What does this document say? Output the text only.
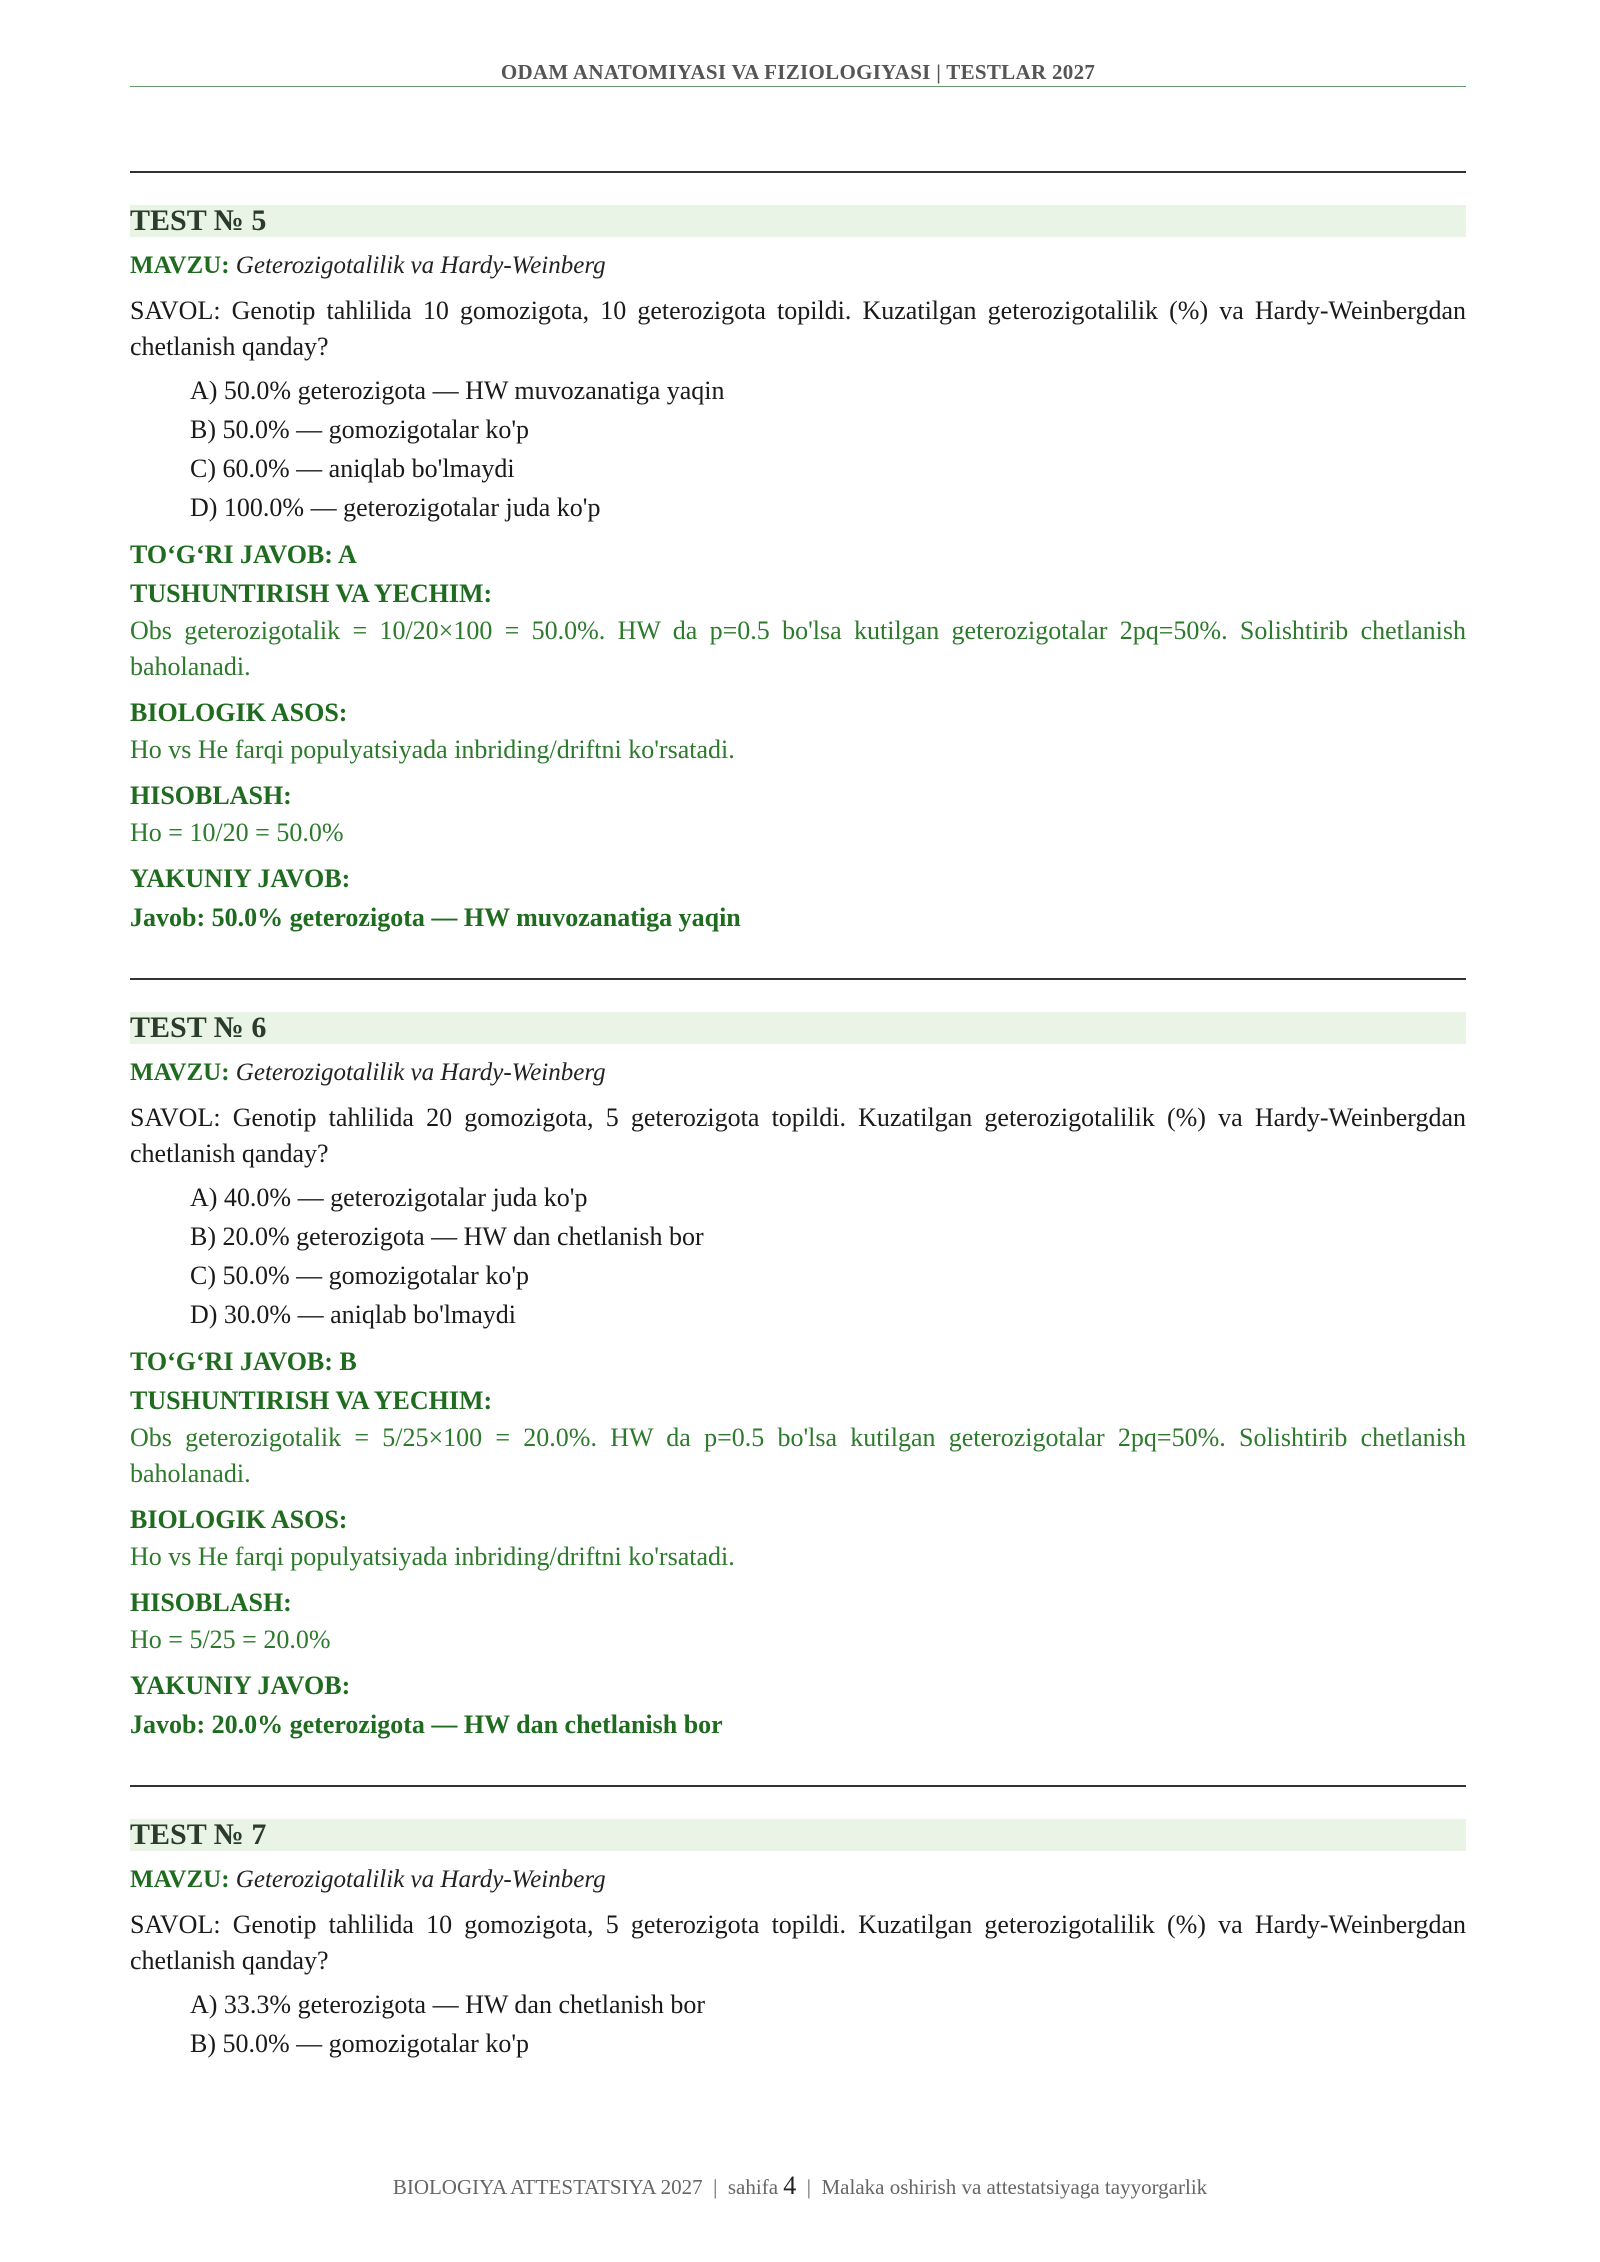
ODAM ANATOMIYASI VA FIZIOLOGIYASI | TESTLAR 2027
TEST № 5
MAVZU: Geterozigotalilik va Hardy-Weinberg
SAVOL: Genotip tahlilida 10 gomozigota, 10 geterozigota topildi. Kuzatilgan geterozigotalilik (%) va Hardy-Weinbergdan chetlanish qanday?
A) 50.0% geterozigota — HW muvozanatiga yaqin
B) 50.0% — gomozigotalar ko'p
C) 60.0% — aniqlab bo'lmaydi
D) 100.0% — geterozigotalar juda ko'p
TO‘G‘RI JAVOB: A
TUSHUNTIRISH VA YECHIM:
Obs geterozigotalik = 10/20×100 = 50.0%. HW da p=0.5 bo'lsa kutilgan geterozigotalar 2pq=50%. Solishtirib chetlanish baholanadi.
BIOLOGIK ASOS:
Ho vs He farqi populyatsiyada inbriding/driftni ko'rsatadi.
HISOBLASH:
Ho = 10/20 = 50.0%
YAKUNIY JAVOB:
Javob: 50.0% geterozigota — HW muvozanatiga yaqin
TEST № 6
MAVZU: Geterozigotalilik va Hardy-Weinberg
SAVOL: Genotip tahlilida 20 gomozigota, 5 geterozigota topildi. Kuzatilgan geterozigotalilik (%) va Hardy-Weinbergdan chetlanish qanday?
A) 40.0% — geterozigotalar juda ko'p
B) 20.0% geterozigota — HW dan chetlanish bor
C) 50.0% — gomozigotalar ko'p
D) 30.0% — aniqlab bo'lmaydi
TO‘G‘RI JAVOB: B
TUSHUNTIRISH VA YECHIM:
Obs geterozigotalik = 5/25×100 = 20.0%. HW da p=0.5 bo'lsa kutilgan geterozigotalar 2pq=50%. Solishtirib chetlanish baholanadi.
BIOLOGIK ASOS:
Ho vs He farqi populyatsiyada inbriding/driftni ko'rsatadi.
HISOBLASH:
Ho = 5/25 = 20.0%
YAKUNIY JAVOB:
Javob: 20.0% geterozigota — HW dan chetlanish bor
TEST № 7
MAVZU: Geterozigotalilik va Hardy-Weinberg
SAVOL: Genotip tahlilida 10 gomozigota, 5 geterozigota topildi. Kuzatilgan geterozigotalilik (%) va Hardy-Weinbergdan chetlanish qanday?
A) 33.3% geterozigota — HW dan chetlanish bor
B) 50.0% — gomozigotalar ko'p
BIOLOGIYA ATTESTATSIYA 2027 | sahifa 4 | Malaka oshirish va attestatsiyaga tayyorgarlik
